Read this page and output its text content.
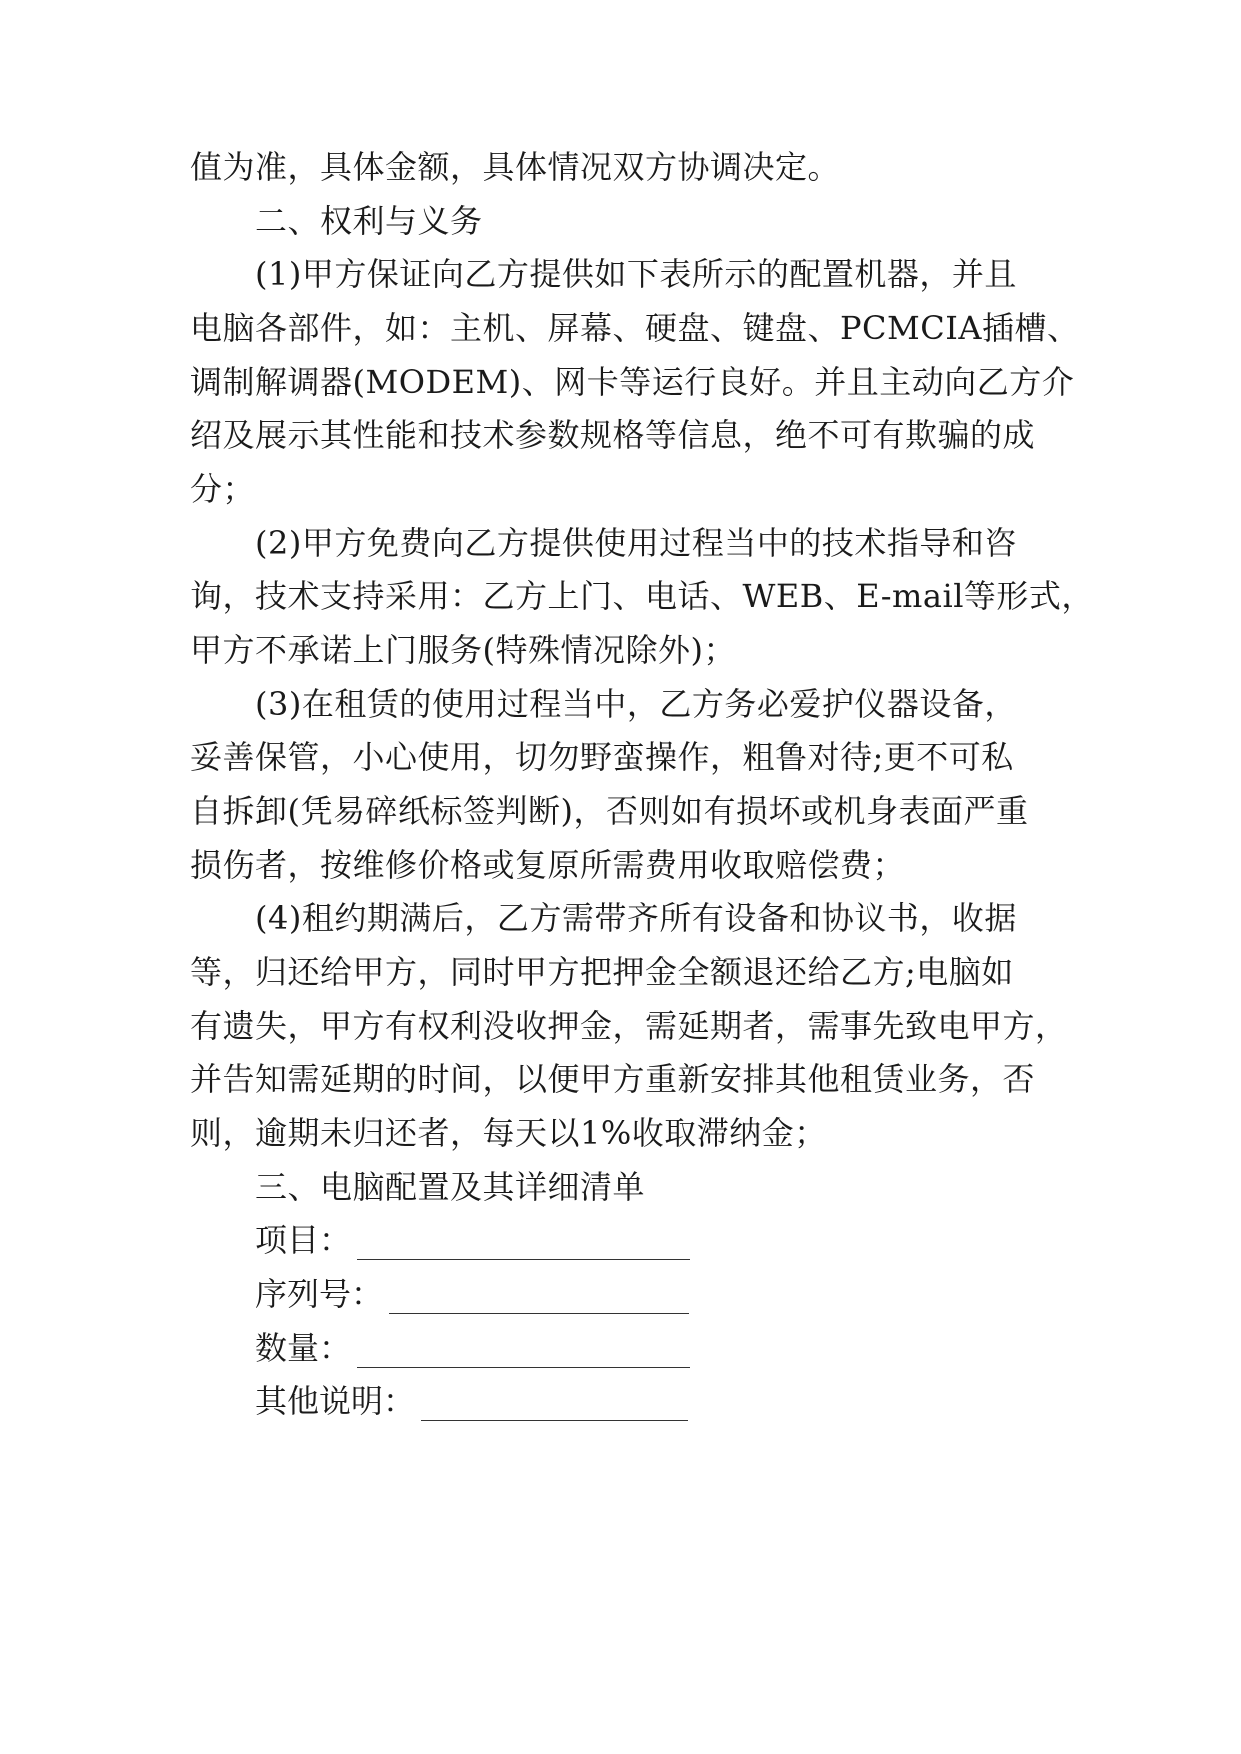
值为准，具体金额，具体情况双方协调决定。
二、权利与义务
(1)甲方保证向乙方提供如下表所示的配置机器，并且
电脑各部件，如：主机、屏幕、硬盘、键盘、PCMCIA插槽、
调制解调器(MODEM)、网卡等运行良好。并且主动向乙方介
绍及展示其性能和技术参数规格等信息，绝不可有欺骗的成
分；
(2)甲方免费向乙方提供使用过程当中的技术指导和咨
询，技术支持采用：乙方上门、电话、WEB、E-mail等形式，
甲方不承诺上门服务(特殊情况除外)；
(3)在租赁的使用过程当中，乙方务必爱护仪器设备，
妥善保管，小心使用，切勿野蛮操作，粗鲁对待;更不可私
自拆卸(凭易碎纸标签判断)，否则如有损坏或机身表面严重
损伤者，按维修价格或复原所需费用收取赔偿费；
(4)租约期满后，乙方需带齐所有设备和协议书，收据
等，归还给甲方，同时甲方把押金全额退还给乙方;电脑如
有遗失，甲方有权利没收押金，需延期者，需事先致电甲方，
并告知需延期的时间，以便甲方重新安排其他租赁业务，否
则，逾期未归还者，每天以1%收取滞纳金；
三、电脑配置及其详细清单
项目：
序列号：
数量：
其他说明：
